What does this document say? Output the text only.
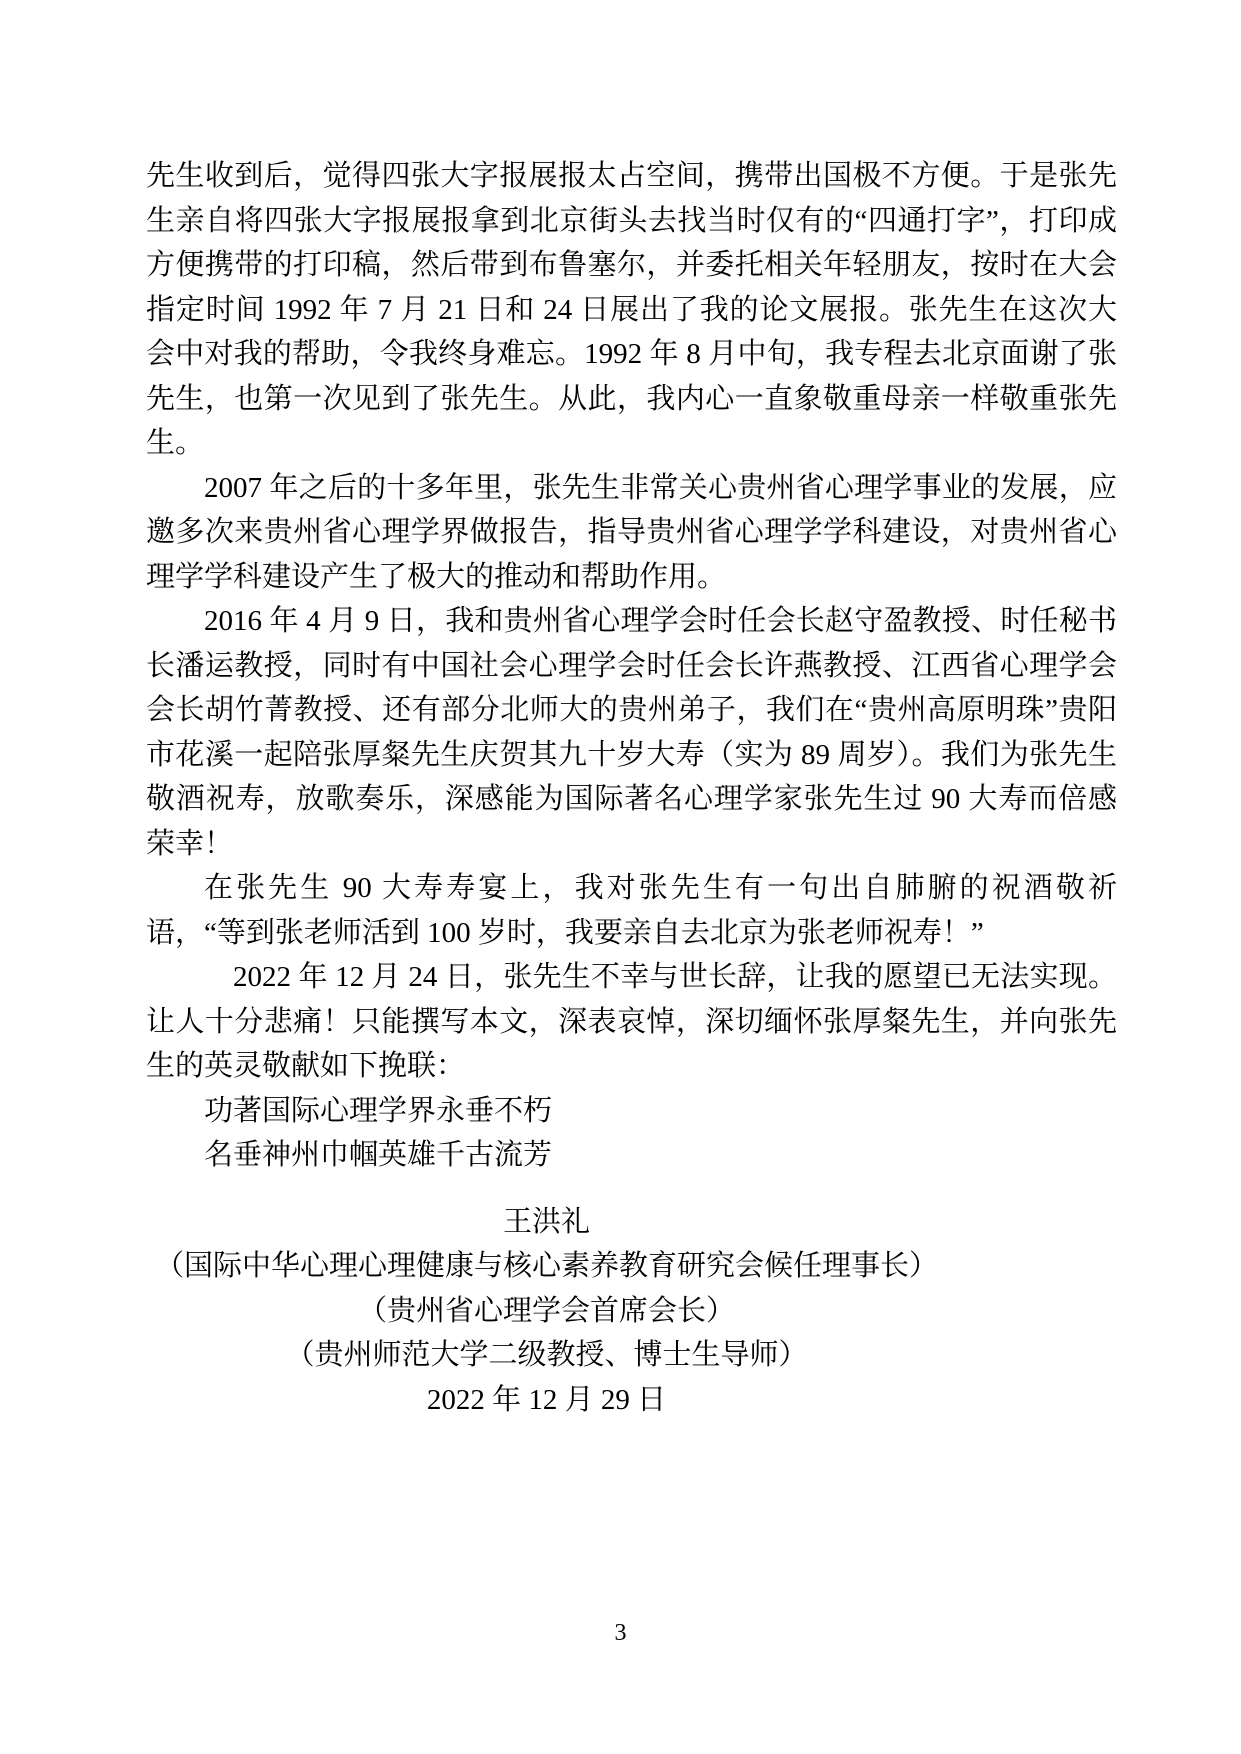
先生收到后，觉得四张大字报展报太占空间，携带出国极不方便。于是张先生亲自将四张大字报展报拿到北京街头去找当时仅有的“四通打字”，打印成方便携带的打印稿，然后带到布鲁塞尔，并委托相关年轻朋友，按时在大会指定时间 1992 年 7 月 21 日和 24 日展出了我的论文展报。张先生在这次大会中对我的帮助，令我终身难忘。1992 年 8 月中旬，我专程去北京面谢了张先生，也第一次见到了张先生。从此，我内心一直象敬重母亲一样敬重张先生。

2007 年之后的十多年里，张先生非常关心贵州省心理学事业的发展，应邀多次来贵州省心理学界做报告，指导贵州省心理学学科建设，对贵州省心理学学科建设产生了极大的推动和帮助作用。

2016 年 4 月 9 日，我和贵州省心理学会时任会长赵守盈教授、时任秘书长潘运教授，同时有中国社会心理学会时任会长许燕教授、江西省心理学会会长胡竹菁教授、还有部分北师大的贵州弟子，我们在“贵州高原明珠”贵阳市花溪一起陪张厚粲先生庆贺其九十岁大寿（实为 89 周岁）。我们为张先生敬酒祝寿，放歌奏乐，深感能为国际著名心理学家张先生过 90 大寿而倍感荣幸！

在张先生 90 大寿寿宴上，我对张先生有一句出自肺腑的祝酒敬祈语，“等到张老师活到 100 岁时，我要亲自去北京为张老师祝寿！”

2022 年 12 月 24 日，张先生不幸与世长辞，让我的愿望已无法实现。让人十分悲痛！只能撰写本文，深表哀悼，深切缅怀张厚粲先生，并向张先生的英灵敬献如下挽联：

功著国际心理学界永垂不朽

名垂神州巾帼英雄千古流芳

王洪礼

（国际中华心理心理健康与核心素养教育研究会候任理事长）

（贵州省心理学会首席会长）

（贵州师范大学二级教授、博士生导师）

2022 年 12 月 29 日

3
